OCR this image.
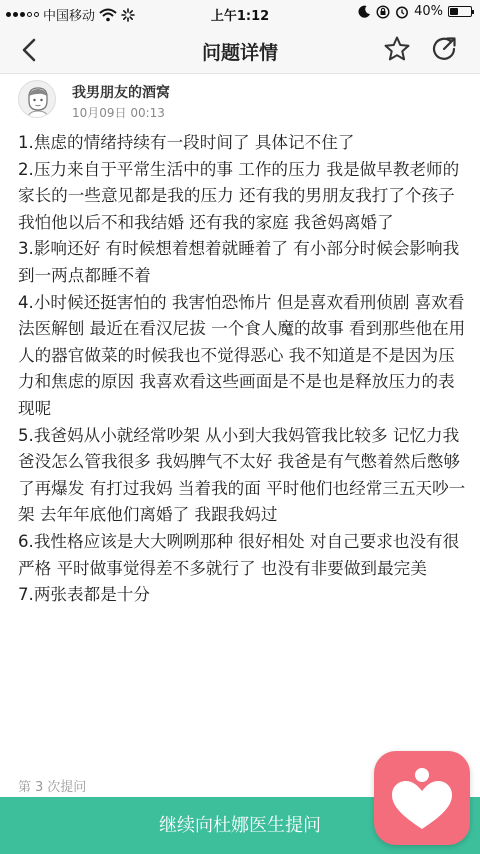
中国移动	上午1:12	40%
问题详情
我男朋友的酒窝
10月09日 00:13

1.焦虑的情绪持续有一段时间了 具体记不住了

2.压力来自于平常生活中的事 工作的压力 我是做早教老师的 家长的一些意见都是我的压力 还有我的男朋友我打了个孩子 我怕他以后不和我结婚 还有我的家庭 我爸妈离婚了

3.影响还好 有时候想着想着就睡着了 有小部分时候会影响我到一两点都睡不着

4.小时候还挺害怕的 我害怕恐怖片 但是喜欢看刑侦剧 喜欢看法医解刨 最近在看汉尼拔 一个食人魔的故事 看到那些他在用人的器官做菜的时候我也不觉得恶心 我不知道是不是因为压力和焦虑的原因 我喜欢看这些画面是不是也是释放压力的表现呢

5.我爸妈从小就经常吵架 从小到大我妈管我比较多 记忆力我爸没怎么管我很多 我妈脾气不太好 我爸是有气憋着然后憋够了再爆发 有打过我妈 当着我的面 平时他们也经常三五天吵一架 去年年底他们离婚了 我跟我妈过

6.我性格应该是大大咧咧那种 很好相处 对自己要求也没有很严格 平时做事觉得差不多就行了 也没有非要做到最完美

7.两张表都是十分

第 3 次提问
继续向杜娜医生提问
